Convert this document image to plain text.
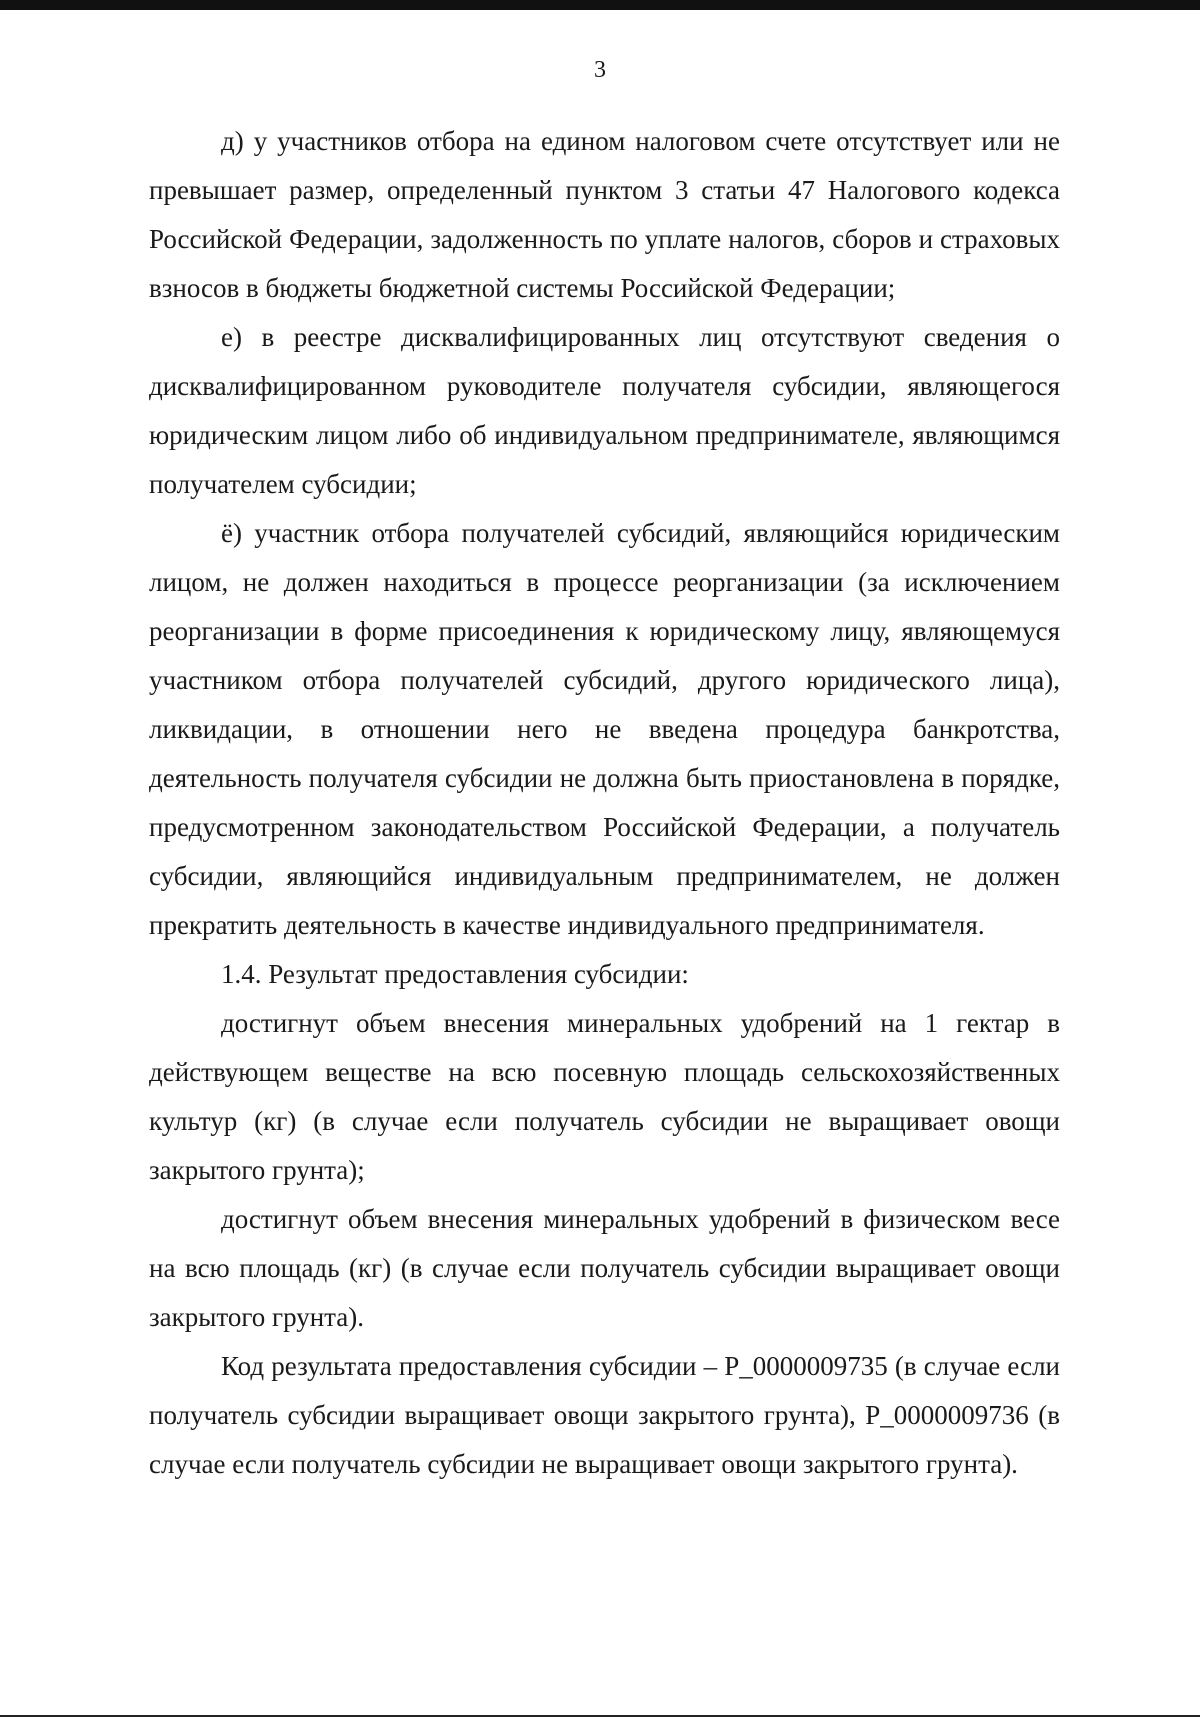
3

д) у участников отбора на едином налоговом счете отсутствует или не превышает размер, определенный пунктом 3 статьи 47 Налогового кодекса Российской Федерации, задолженность по уплате налогов, сборов и страховых взносов в бюджеты бюджетной системы Российской Федерации;

е) в реестре дисквалифицированных лиц отсутствуют сведения о дисквалифицированном руководителе получателя субсидии, являющегося юридическим лицом либо об индивидуальном предпринимателе, являющимся получателем субсидии;

ё) участник отбора получателей субсидий, являющийся юридическим лицом, не должен находиться в процессе реорганизации (за исключением реорганизации в форме присоединения к юридическому лицу, являющемуся участником отбора получателей субсидий, другого юридического лица), ликвидации, в отношении него не введена процедура банкротства, деятельность получателя субсидии не должна быть приостановлена в порядке, предусмотренном законодательством Российской Федерации, а получатель субсидии, являющийся индивидуальным предпринимателем, не должен прекратить деятельность в качестве индивидуального предпринимателя.

1.4. Результат предоставления субсидии:

достигнут объем внесения минеральных удобрений на 1 гектар в действующем веществе на всю посевную площадь сельскохозяйственных культур (кг) (в случае если получатель субсидии не выращивает овощи закрытого грунта);

достигнут объем внесения минеральных удобрений в физическом весе на всю площадь (кг) (в случае если получатель субсидии выращивает овощи закрытого грунта).

Код результата предоставления субсидии – P_0000009735 (в случае если получатель субсидии выращивает овощи закрытого грунта), P_0000009736 (в случае если получатель субсидии не выращивает овощи закрытого грунта).
